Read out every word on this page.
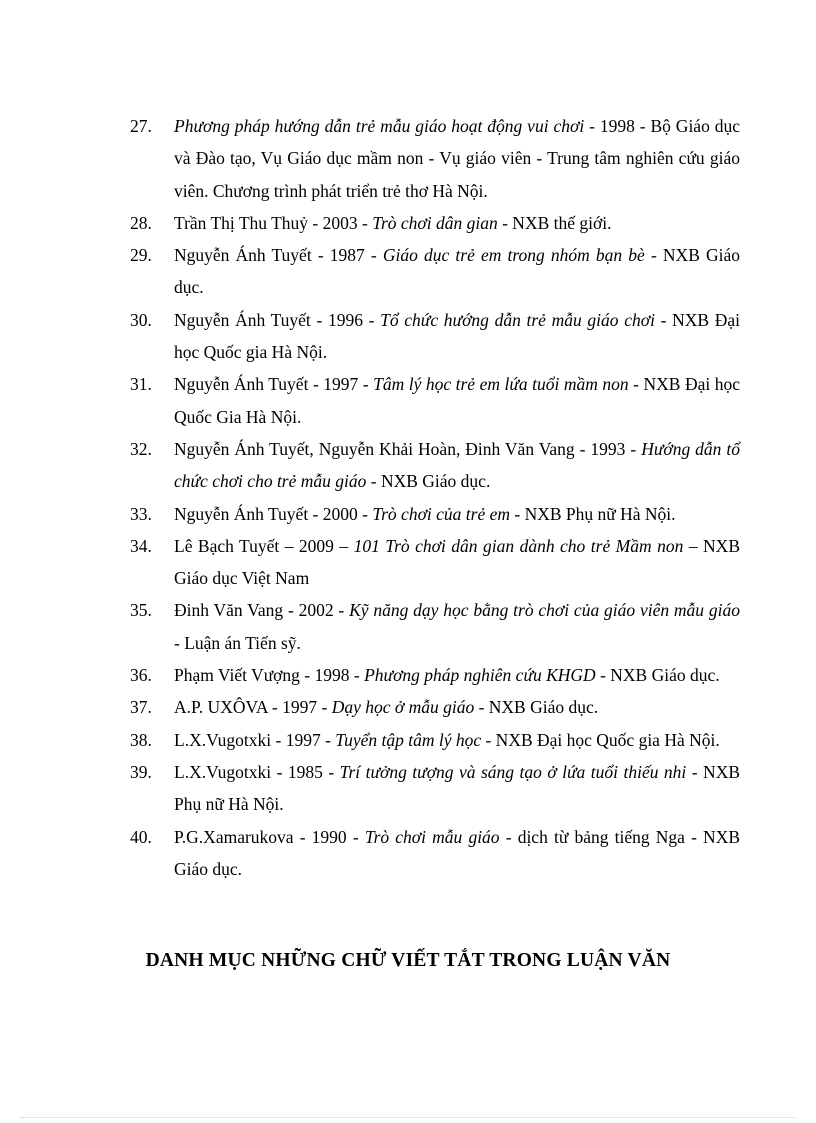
27.	Phương pháp hướng dẫn trẻ mẫu giáo hoạt động vui chơi - 1998 - Bộ Giáo dục và Đào tạo, Vụ Giáo dục mầm non - Vụ giáo viên - Trung tâm nghiên cứu giáo viên. Chương trình phát triển trẻ thơ Hà Nội.
28.	Trần Thị Thu Thuỷ - 2003 - Trò chơi dân gian - NXB thế giới.
29.	Nguyễn Ánh Tuyết - 1987 - Giáo dục trẻ em trong nhóm bạn bè - NXB Giáo dục.
30.	Nguyễn Ánh Tuyết - 1996 - Tổ chức hướng dẫn trẻ mẫu giáo chơi - NXB Đại học Quốc gia Hà Nội.
31.	Nguyễn Ánh Tuyết - 1997 - Tâm lý học trẻ em lứa tuổi mầm non - NXB Đại học Quốc Gia Hà Nội.
32.	Nguyễn Ánh Tuyết, Nguyễn Khải Hoàn, Đinh Văn Vang - 1993 - Hướng dẫn tổ chức chơi cho trẻ mẫu giáo - NXB Giáo dục.
33.	Nguyễn Ánh Tuyết - 2000 - Trò chơi của trẻ em - NXB Phụ nữ Hà Nội.
34.	Lê Bạch Tuyết – 2009 – 101 Trò chơi dân gian dành cho trẻ Mầm non – NXB Giáo dục Việt Nam
35.	Đinh Văn Vang - 2002 - Kỹ năng dạy học bằng trò chơi của giáo viên mẫu giáo - Luận án Tiến sỹ.
36.	Phạm Viết Vượng - 1998 - Phương pháp nghiên cứu KHGD - NXB Giáo dục.
37.	A.P. UXÔVA - 1997 - Dạy học ở mẫu giáo - NXB Giáo dục.
38.	L.X.Vugotxki - 1997 - Tuyển tập tâm lý học - NXB Đại học Quốc gia Hà Nội.
39.	L.X.Vugotxki - 1985 - Trí tưởng tượng và sáng tạo ở lứa tuổi thiếu nhi - NXB Phụ nữ Hà Nội.
40.	P.G.Xamarukova - 1990 - Trò chơi mẫu giáo - dịch từ bảng tiếng Nga - NXB Giáo dục.
DANH MỤC NHỮNG CHỮ VIẾT TẮT TRONG LUẬN VĂN
